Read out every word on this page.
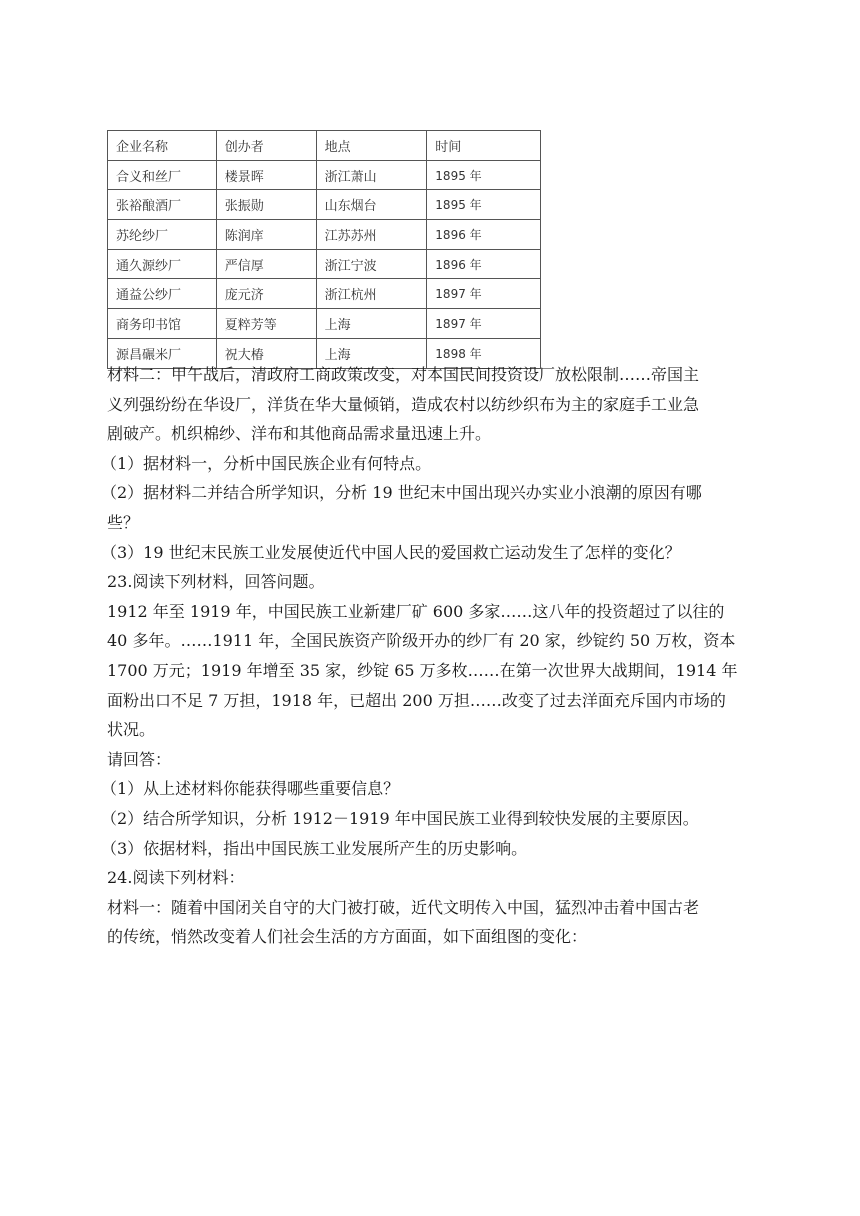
企业名称	创办者	地点	时间
合义和丝厂	楼景晖	浙江萧山	1895 年
张裕酿酒厂	张振勋	山东烟台	1895 年
苏纶纱厂	陈润庠	江苏苏州	1896 年
通久源纱厂	严信厚	浙江宁波	1896 年
通益公纱厂	庞元济	浙江杭州	1897 年
商务印书馆	夏粹芳等	上海	1897 年
源昌碾米厂	祝大椿	上海	1898 年

材料二：甲午战后，清政府工商政策改变，对本国民间投资设厂放松限制……帝国主

义列强纷纷在华设厂，洋货在华大量倾销，造成农村以纺纱织布为主的家庭手工业急

剧破产。机织棉纱、洋布和其他商品需求量迅速上升。

（1）据材料一，分析中国民族企业有何特点。

（2）据材料二并结合所学知识，分析 19 世纪末中国出现兴办实业小浪潮的原因有哪

些？

（3）19 世纪末民族工业发展使近代中国人民的爱国救亡运动发生了怎样的变化？

23.阅读下列材料，回答问题。

1912 年至 1919 年，中国民族工业新建厂矿 600 多家……这八年的投资超过了以往的

40 多年。……1911 年，全国民族资产阶级开办的纱厂有 20 家，纱锭约 50 万枚，资本

1700 万元；1919 年增至 35 家，纱锭 65 万多枚……在第一次世界大战期间，1914 年

面粉出口不足 7 万担，1918 年，已超出 200 万担……改变了过去洋面充斥国内市场的

状况。

请回答：

（1）从上述材料你能获得哪些重要信息？

（2）结合所学知识，分析 1912－1919 年中国民族工业得到较快发展的主要原因。

（3）依据材料，指出中国民族工业发展所产生的历史影响。

24.阅读下列材料：

材料一：随着中国闭关自守的大门被打破，近代文明传入中国，猛烈冲击着中国古老

的传统，悄然改变着人们社会生活的方方面面，如下面组图的变化：
